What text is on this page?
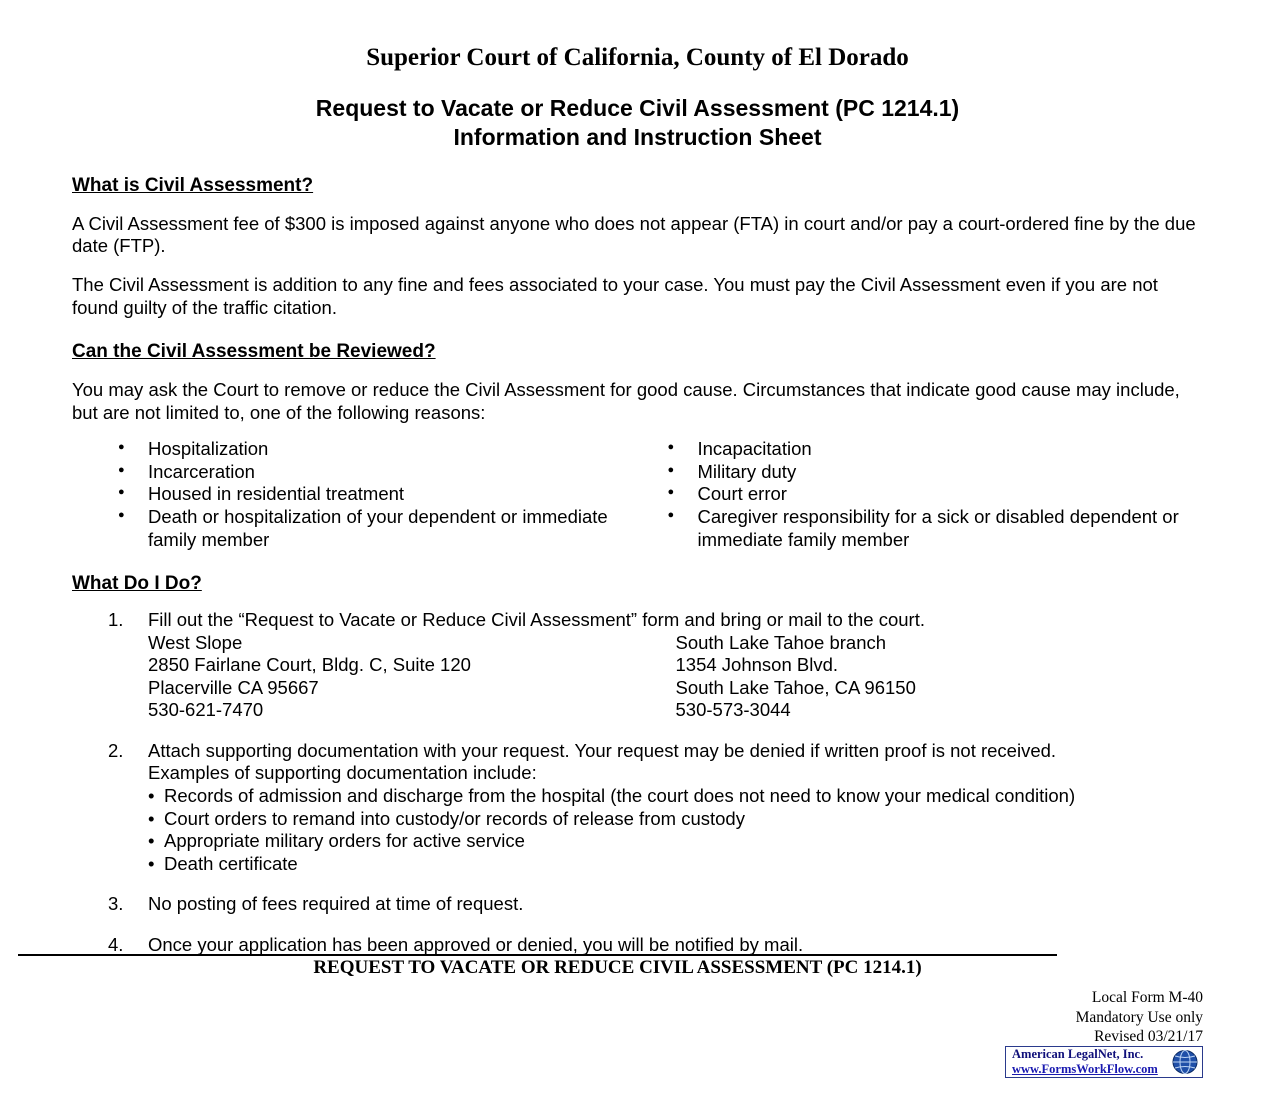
Superior Court of California, County of El Dorado
Request to Vacate or Reduce Civil Assessment (PC 1214.1)
Information and Instruction Sheet
What is Civil Assessment?

A Civil Assessment fee of $300 is imposed against anyone who does not appear (FTA) in court and/or pay a court-ordered fine by the due date (FTP).

The Civil Assessment is addition to any fine and fees associated to your case. You must pay the Civil Assessment even if you are not found guilty of the traffic citation.

Can the Civil Assessment be Reviewed?

You may ask the Court to remove or reduce the Civil Assessment for good cause. Circumstances that indicate good cause may include, but are not limited to, one of the following reasons:

● Hospitalization
● Incarceration
● Housed in residential treatment
● Death or hospitalization of your dependent or immediate family member
● Incapacitation
● Military duty
● Court error
● Caregiver responsibility for a sick or disabled dependent or immediate family member
What Do I Do?
1. Fill out the “Request to Vacate or Reduce Civil Assessment” form and bring or mail to the court.
West Slope
2850 Fairlane Court, Bldg. C, Suite 120
Placerville CA 95667
530-621-7470
South Lake Tahoe branch
1354 Johnson Blvd.
South Lake Tahoe, CA 96150
530-573-3044
2. Attach supporting documentation with your request. Your request may be denied if written proof is not received.
Examples of supporting documentation include:
• Records of admission and discharge from the hospital (the court does not need to know your medical condition)
• Court orders to remand into custody/or records of release from custody
• Appropriate military orders for active service
• Death certificate
3. No posting of fees required at time of request.
4. Once your application has been approved or denied, you will be notified by mail.
REQUEST TO VACATE OR REDUCE CIVIL ASSESSMENT (PC 1214.1)
Local Form M-40
Mandatory Use only
Revised 03/21/17
American LegalNet, Inc.
www.FormsWorkFlow.com
